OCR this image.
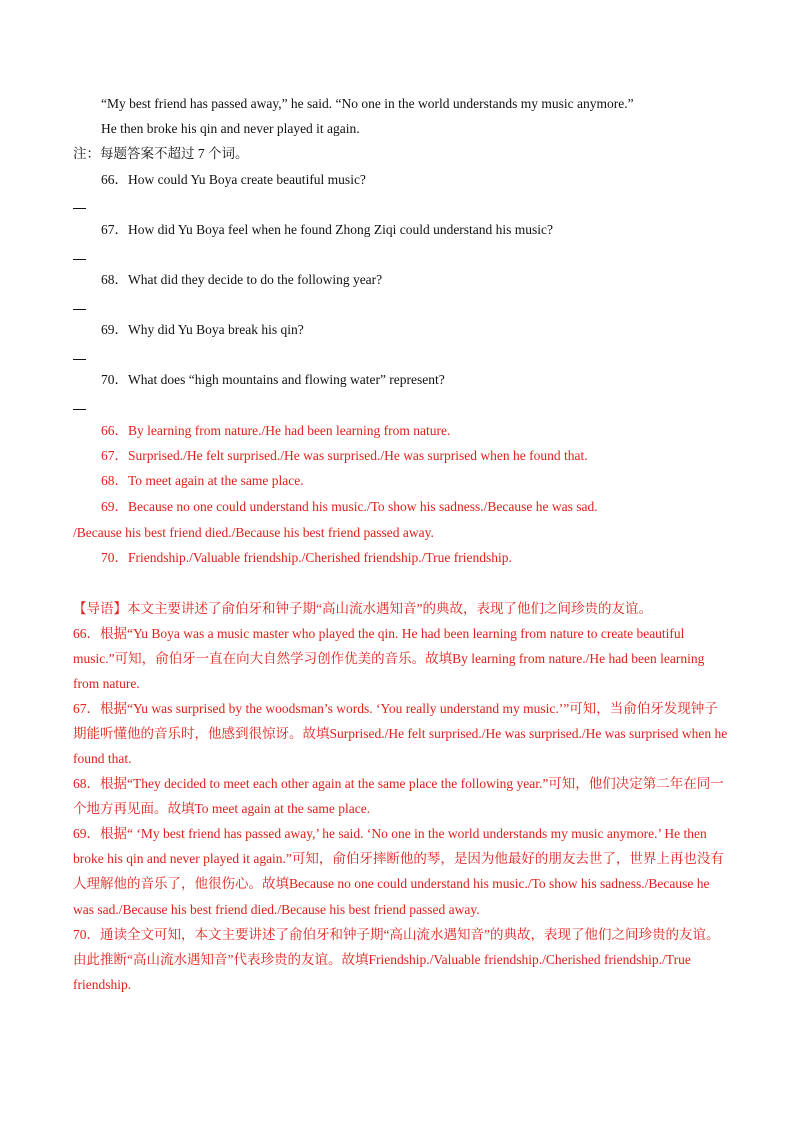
“My best friend has passed away,” he said. “No one in the world understands my music anymore.”
He then broke his qin and never played it again.
注：每题答案不超过 7 个词。
66．How could Yu Boya create beautiful music?
67．How did Yu Boya feel when he found Zhong Ziqi could understand his music?
68．What did they decide to do the following year?
69．Why did Yu Boya break his qin?
70．What does “high mountains and flowing water” represent?
66．By learning from nature./He had been learning from nature.
67．Surprised./He felt surprised./He was surprised./He was surprised when he found that.
68．To meet again at the same place.
69．Because no one could understand his music./To show his sadness./Because he was sad.
/Because his best friend died./Because his best friend passed away.
70．Friendship./Valuable friendship./Cherished friendship./True friendship.
【导语】本文主要讲述了俞伯牙和钟子期“高山流水遇知音”的典故，表现了他们之间珍贵的友谊。
66．根据“Yu Boya was a music master who played the qin. He had been learning from nature to create beautiful music.”可知，俞伯牙一直在向大自然学习创作优美的音乐。故填By learning from nature./He had been learning from nature.
67．根据“Yu was surprised by the woodsman’s words. ‘You really understand my music.’”可知，当俞伯牙发现钟子期能听懂他的音乐时，他感到很惊讶。故填Surprised./He felt surprised./He was surprised./He was surprised when he found that.
68．根据“They decided to meet each other again at the same place the following year.”可知，他们决定第二年在同一个地方再见面。故填To meet again at the same place.
69．根据“ ‘My best friend has passed away,’ he said. ‘No one in the world understands my music anymore.’ He then broke his qin and never played it again.”可知，俞伯牙摔断他的琴，是因为他最好的朋友去世了，世界上再也没有人理解他的音乐了，他很伤心。故填Because no one could understand his music./To show his sadness./Because he was sad./Because his best friend died./Because his best friend passed away.
70．通读全文可知，本文主要讲述了俞伯牙和钟子期“高山流水遇知音”的典故，表现了他们之间珍贵的友谊。由此推断“高山流水遇知音”代表珍贵的友谊。故填Friendship./Valuable friendship./Cherished friendship./True friendship.
